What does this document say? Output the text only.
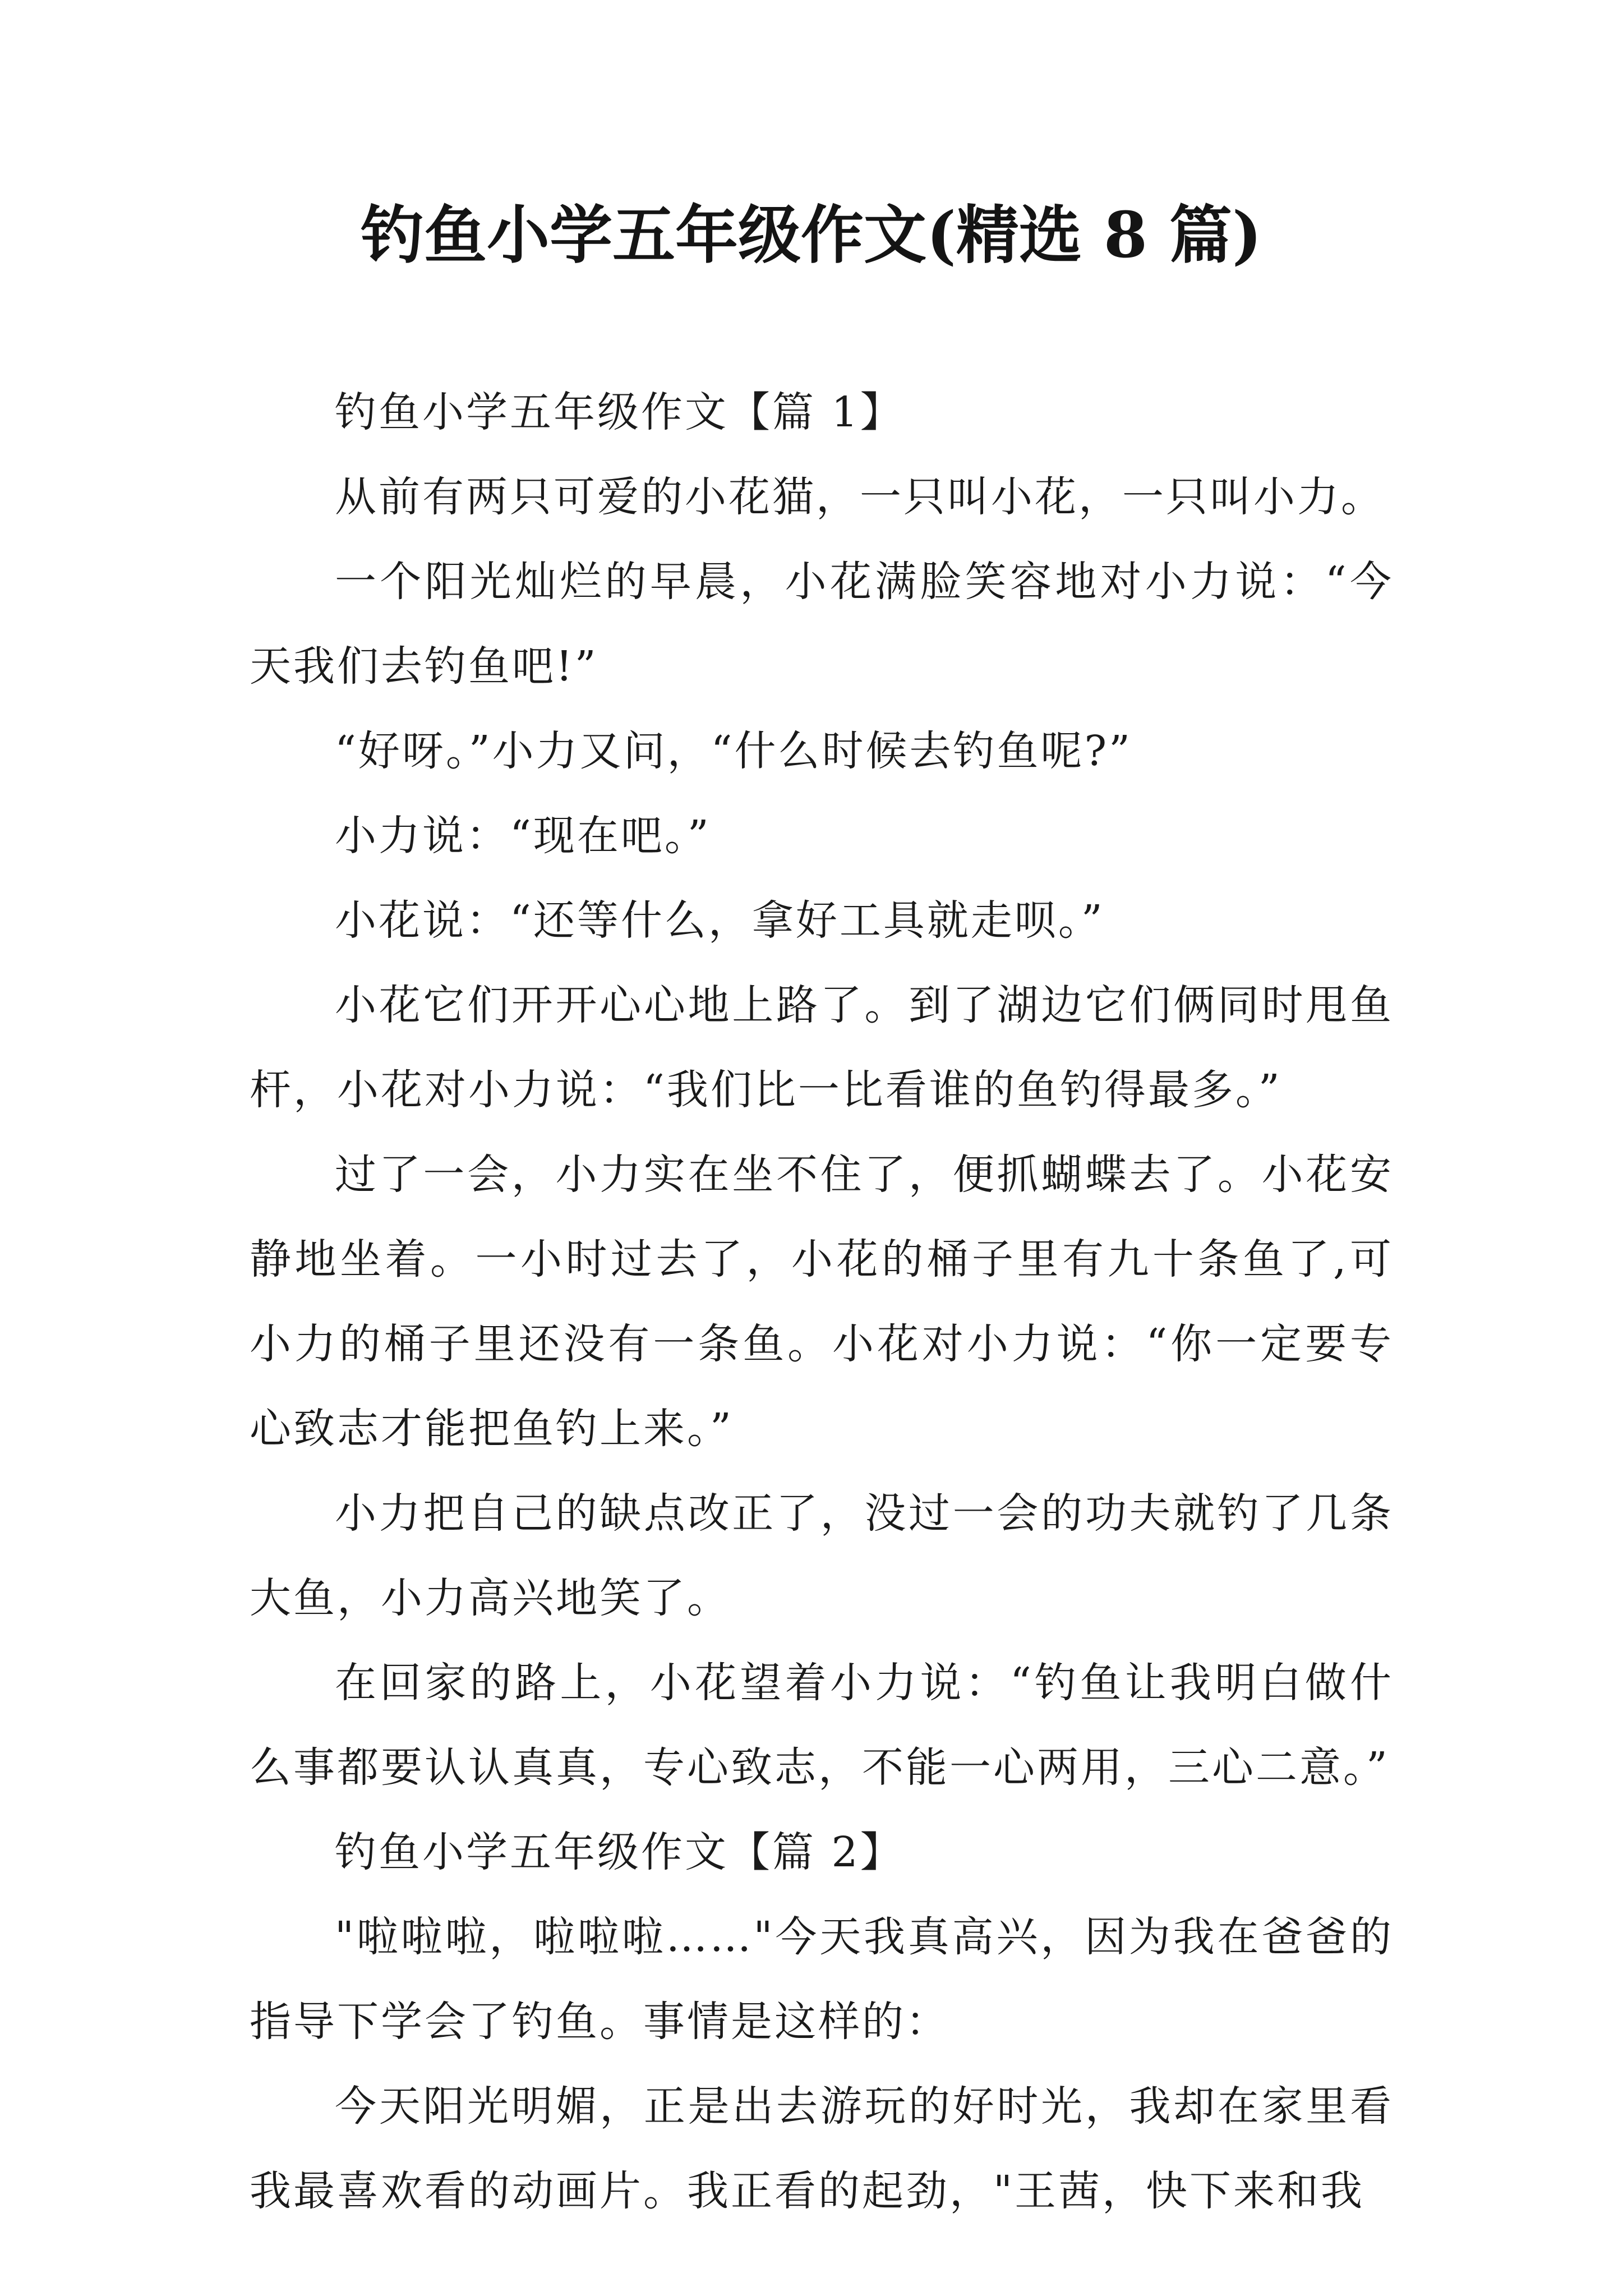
钓鱼小学五年级作文(精选 8 篇)

钓鱼小学五年级作文【篇 1】

从前有两只可爱的小花猫，一只叫小花，一只叫小力。

一个阳光灿烂的早晨，小花满脸笑容地对小力说：“今天我们去钓鱼吧!”

“好呀。”小力又问，“什么时候去钓鱼呢?”

小力说：“现在吧。”

小花说：“还等什么，拿好工具就走呗。”

小花它们开开心心地上路了。到了湖边它们俩同时甩鱼杆，小花对小力说：“我们比一比看谁的鱼钓得最多。”

过了一会，小力实在坐不住了，便抓蝴蝶去了。小花安静地坐着。一小时过去了，小花的桶子里有九十条鱼了,可小力的桶子里还没有一条鱼。小花对小力说：“你一定要专心致志才能把鱼钓上来。”

小力把自己的缺点改正了，没过一会的功夫就钓了几条大鱼，小力高兴地笑了。

在回家的路上，小花望着小力说：“钓鱼让我明白做什么事都要认认真真，专心致志，不能一心两用，三心二意。”

钓鱼小学五年级作文【篇 2】

"啦啦啦，啦啦啦……"今天我真高兴，因为我在爸爸的指导下学会了钓鱼。事情是这样的：

今天阳光明媚，正是出去游玩的好时光，我却在家里看我最喜欢看的动画片。我正看的起劲，"王茜，快下来和我
